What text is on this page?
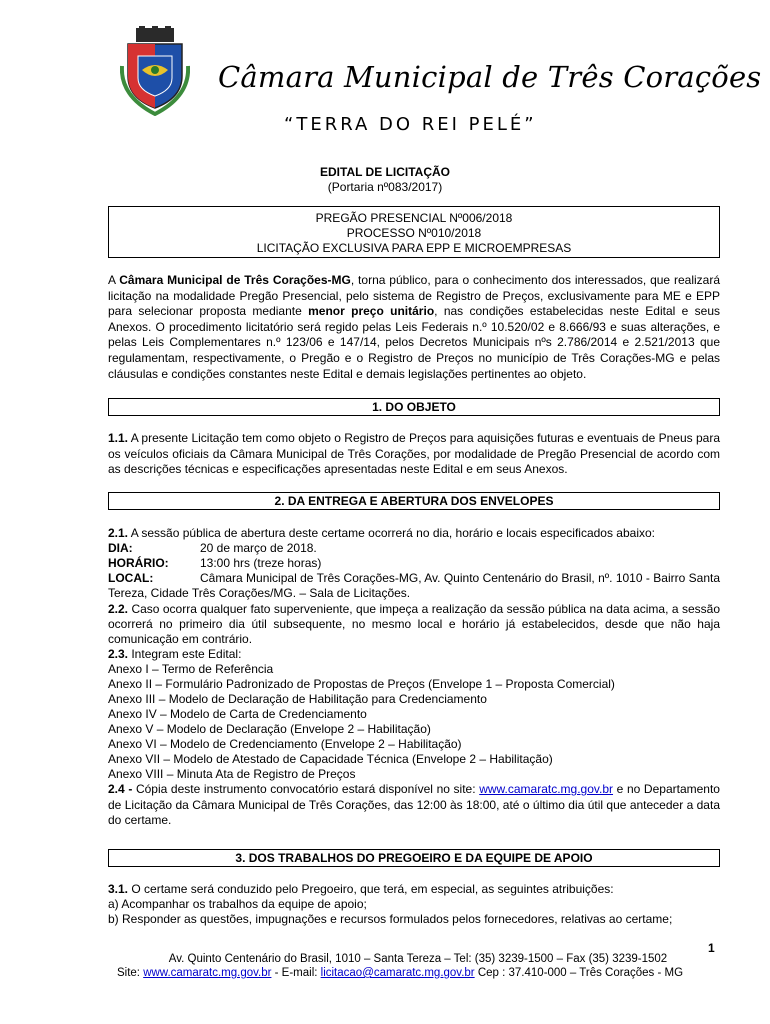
Câmara Municipal de Três Corações
“TERRA DO REI PELÉ”
EDITAL DE LICITAÇÃO
(Portaria nº083/2017)
PREGÃO PRESENCIAL Nº006/2018
PROCESSO Nº010/2018
LICITAÇÃO EXCLUSIVA PARA EPP E MICROEMPRESAS

A Câmara Municipal de Três Corações-MG, torna público, para o conhecimento dos interessados, que realizará licitação na modalidade Pregão Presencial, pelo sistema de Registro de Preços, exclusivamente para ME e EPP para selecionar proposta mediante menor preço unitário, nas condições estabelecidas neste Edital e seus Anexos. O procedimento licitatório será regido pelas Leis Federais n.º 10.520/02 e 8.666/93 e suas alterações, e pelas Leis Complementares n.º 123/06 e 147/14, pelos Decretos Municipais nºs 2.786/2014 e 2.521/2013 que regulamentam, respectivamente, o Pregão e o Registro de Preços no município de Três Corações-MG e pelas cláusulas e condições constantes neste Edital e demais legislações pertinentes ao objeto.

1. DO OBJETO

1.1. A presente Licitação tem como objeto o Registro de Preços para aquisições futuras e eventuais de Pneus para os veículos oficiais da Câmara Municipal de Três Corações, por modalidade de Pregão Presencial de acordo com as descrições técnicas e especificações apresentadas neste Edital e em seus Anexos.

2. DA ENTREGA E ABERTURA DOS ENVELOPES
2.1. A sessão pública de abertura deste certame ocorrerá no dia, horário e locais especificados abaixo:
DIA:	20 de março de 2018.
HORÁRIO:	13:00 hrs (treze horas)

LOCAL:	Câmara Municipal de Três Corações-MG, Av. Quinto Centenário do Brasil, nº. 1010 - Bairro Santa Tereza, Cidade Três Corações/MG. – Sala de Licitações.

2.2. Caso ocorra qualquer fato superveniente, que impeça a realização da sessão pública na data acima, a sessão ocorrerá no primeiro dia útil subsequente, no mesmo local e horário já estabelecidos, desde que não haja comunicação em contrário.

2.3. Integram este Edital:
Anexo I – Termo de Referência
Anexo II – Formulário Padronizado de Propostas de Preços (Envelope 1 – Proposta Comercial)
Anexo III – Modelo de Declaração de Habilitação para Credenciamento
Anexo IV – Modelo de Carta de Credenciamento
Anexo V – Modelo de Declaração (Envelope 2 – Habilitação)
Anexo VI – Modelo de Credenciamento (Envelope 2 – Habilitação)
Anexo VII – Modelo de Atestado de Capacidade Técnica (Envelope 2 – Habilitação)
Anexo VIII – Minuta Ata de Registro de Preços

2.4 - Cópia deste instrumento convocatório estará disponível no site: www.camaratc.mg.gov.br e no Departamento de Licitação da Câmara Municipal de Três Corações, das 12:00 às 18:00, até o último dia útil que anteceder a data do certame.

3. DOS TRABALHOS DO PREGOEIRO E DA EQUIPE DE APOIO
3.1. O certame será conduzido pelo Pregoeiro, que terá, em especial, as seguintes atribuições:
a) Acompanhar os trabalhos da equipe de apoio;
b) Responder as questões, impugnações e recursos formulados pelos fornecedores, relativas ao certame;
1
Av. Quinto Centenário do Brasil, 1010 – Santa Tereza – Tel: (35) 3239-1500 – Fax (35) 3239-1502
Site: www.camaratc.mg.gov.br - E-mail: licitacao@camaratc.mg.gov.br Cep : 37.410-000 – Três Corações - MG
